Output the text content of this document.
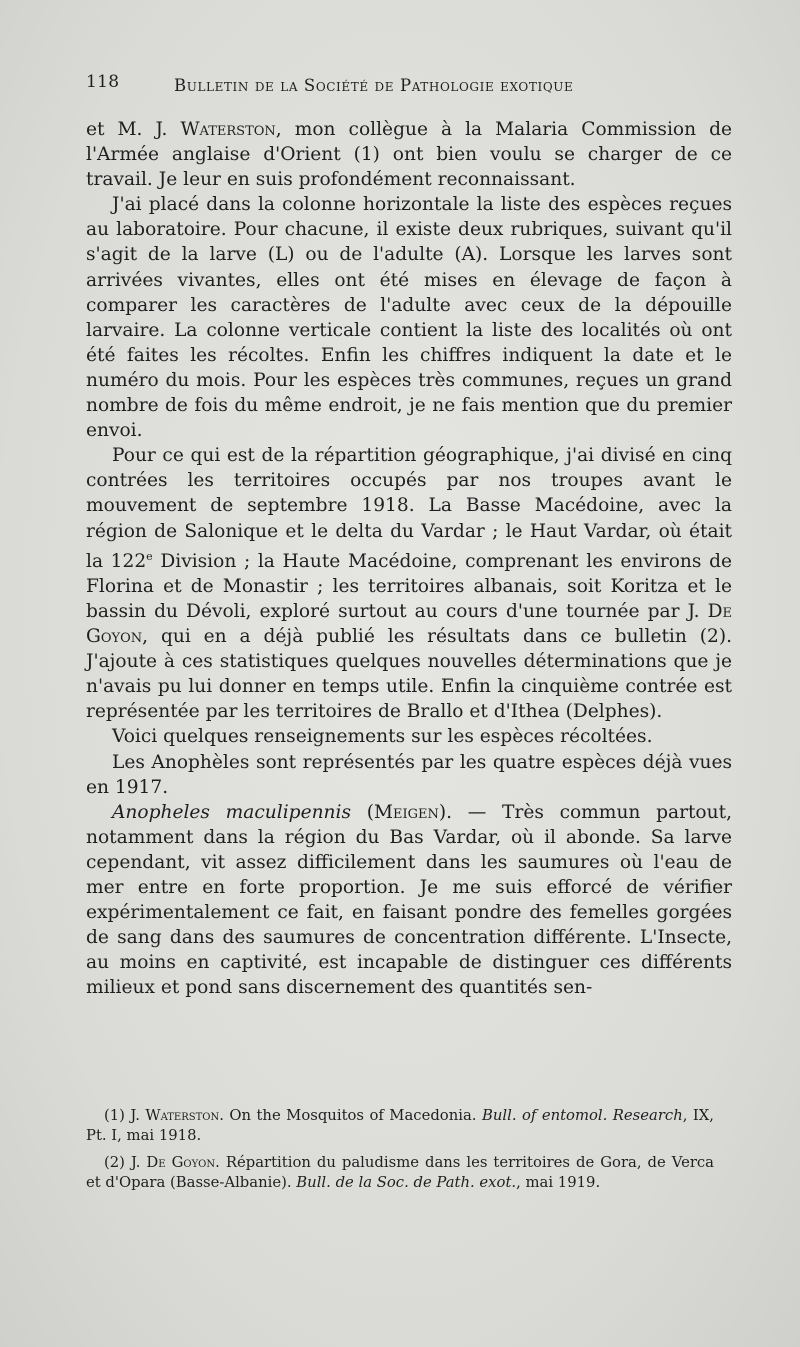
118	Bulletin de la Société de Pathologie exotique

et M. J. Waterston, mon collègue à la Malaria Commission de l'Armée anglaise d'Orient (1) ont bien voulu se charger de ce travail. Je leur en suis profondément reconnaissant.

J'ai placé dans la colonne horizontale la liste des espèces reçues au laboratoire. Pour chacune, il existe deux rubriques, suivant qu'il s'agit de la larve (L) ou de l'adulte (A). Lorsque les larves sont arrivées vivantes, elles ont été mises en élevage de façon à comparer les caractères de l'adulte avec ceux de la dépouille larvaire. La colonne verticale contient la liste des localités où ont été faites les récoltes. Enfin les chiffres indiquent la date et le numéro du mois. Pour les espèces très communes, reçues un grand nombre de fois du même endroit, je ne fais mention que du premier envoi.

Pour ce qui est de la répartition géographique, j'ai divisé en cinq contrées les territoires occupés par nos troupes avant le mouvement de septembre 1918. La Basse Macédoine, avec la région de Salonique et le delta du Vardar ; le Haut Vardar, où était la 122e Division ; la Haute Macédoine, comprenant les environs de Florina et de Monastir ; les territoires albanais, soit Koritza et le bassin du Dévoli, exploré surtout au cours d'une tournée par J. De Goyon, qui en a déjà publié les résultats dans ce bulletin (2). J'ajoute à ces statistiques quelques nouvelles déterminations que je n'avais pu lui donner en temps utile. Enfin la cinquième contrée est représentée par les territoires de Brallo et d'Ithea (Delphes).

Voici quelques renseignements sur les espèces récoltées.

Les Anophèles sont représentés par les quatre espèces déjà vues en 1917.

Anopheles maculipennis (Meigen). — Très commun partout, notamment dans la région du Bas Vardar, où il abonde. Sa larve cependant, vit assez difficilement dans les saumures où l'eau de mer entre en forte proportion. Je me suis efforcé de vérifier expérimentalement ce fait, en faisant pondre des femelles gorgées de sang dans des saumures de concentration différente. L'Insecte, au moins en captivité, est incapable de distinguer ces différents milieux et pond sans discernement des quantités sen-

(1) J. Waterston. On the Mosquitos of Macedonia. Bull. of entomol. Research, IX, Pt. I, mai 1918.

(2) J. De Goyon. Répartition du paludisme dans les territoires de Gora, de Verca et d'Opara (Basse-Albanie). Bull. de la Soc. de Path. exot., mai 1919.
